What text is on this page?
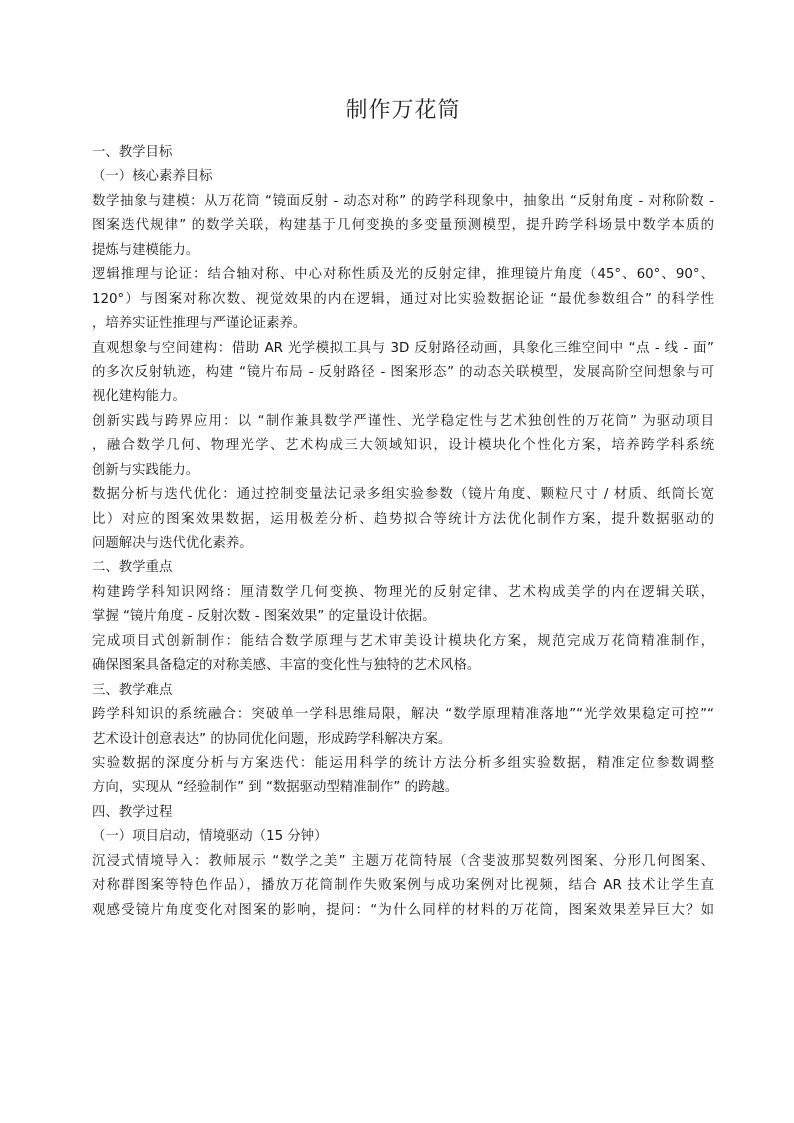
制作万花筒
一、教学目标
（一）核心素养目标
数学抽象与建模：从万花筒 “镜面反射 - 动态对称” 的跨学科现象中，抽象出 “反射角度 - 对称阶数 -
图案迭代规律” 的数学关联，构建基于几何变换的多变量预测模型，提升跨学科场景中数学本质的
提炼与建模能力。
逻辑推理与论证：结合轴对称、中心对称性质及光的反射定律，推理镜片角度（45°、60°、90°、
120°）与图案对称次数、视觉效果的内在逻辑，通过对比实验数据论证 “最优参数组合” 的科学性
，培养实证性推理与严谨论证素养。
直观想象与空间建构：借助 AR 光学模拟工具与 3D 反射路径动画，具象化三维空间中 “点 - 线 - 面”
的多次反射轨迹，构建 “镜片布局 - 反射路径 - 图案形态” 的动态关联模型，发展高阶空间想象与可
视化建构能力。
创新实践与跨界应用：以 “制作兼具数学严谨性、光学稳定性与艺术独创性的万花筒” 为驱动项目
，融合数学几何、物理光学、艺术构成三大领域知识，设计模块化个性化方案，培养跨学科系统
创新与实践能力。
数据分析与迭代优化：通过控制变量法记录多组实验参数（镜片角度、颗粒尺寸 / 材质、纸筒长宽
比）对应的图案效果数据，运用极差分析、趋势拟合等统计方法优化制作方案，提升数据驱动的
问题解决与迭代优化素养。
二、教学重点
构建跨学科知识网络：厘清数学几何变换、物理光的反射定律、艺术构成美学的内在逻辑关联，
掌握 “镜片角度 - 反射次数 - 图案效果” 的定量设计依据。
完成项目式创新制作：能结合数学原理与艺术审美设计模块化方案，规范完成万花筒精准制作，
确保图案具备稳定的对称美感、丰富的变化性与独特的艺术风格。
三、教学难点
跨学科知识的系统融合：突破单一学科思维局限，解决 “数学原理精准落地”“光学效果稳定可控”“
艺术设计创意表达” 的协同优化问题，形成跨学科解决方案。
实验数据的深度分析与方案迭代：能运用科学的统计方法分析多组实验数据，精准定位参数调整
方向，实现从 “经验制作” 到 “数据驱动型精准制作” 的跨越。
四、教学过程
（一）项目启动，情境驱动（15 分钟）
沉浸式情境导入：教师展示 “数学之美” 主题万花筒特展（含斐波那契数列图案、分形几何图案、
对称群图案等特色作品），播放万花筒制作失败案例与成功案例对比视频，结合 AR 技术让学生直
观感受镜片角度变化对图案的影响，提问：“为什么同样的材料的万花筒，图案效果差异巨大？如
